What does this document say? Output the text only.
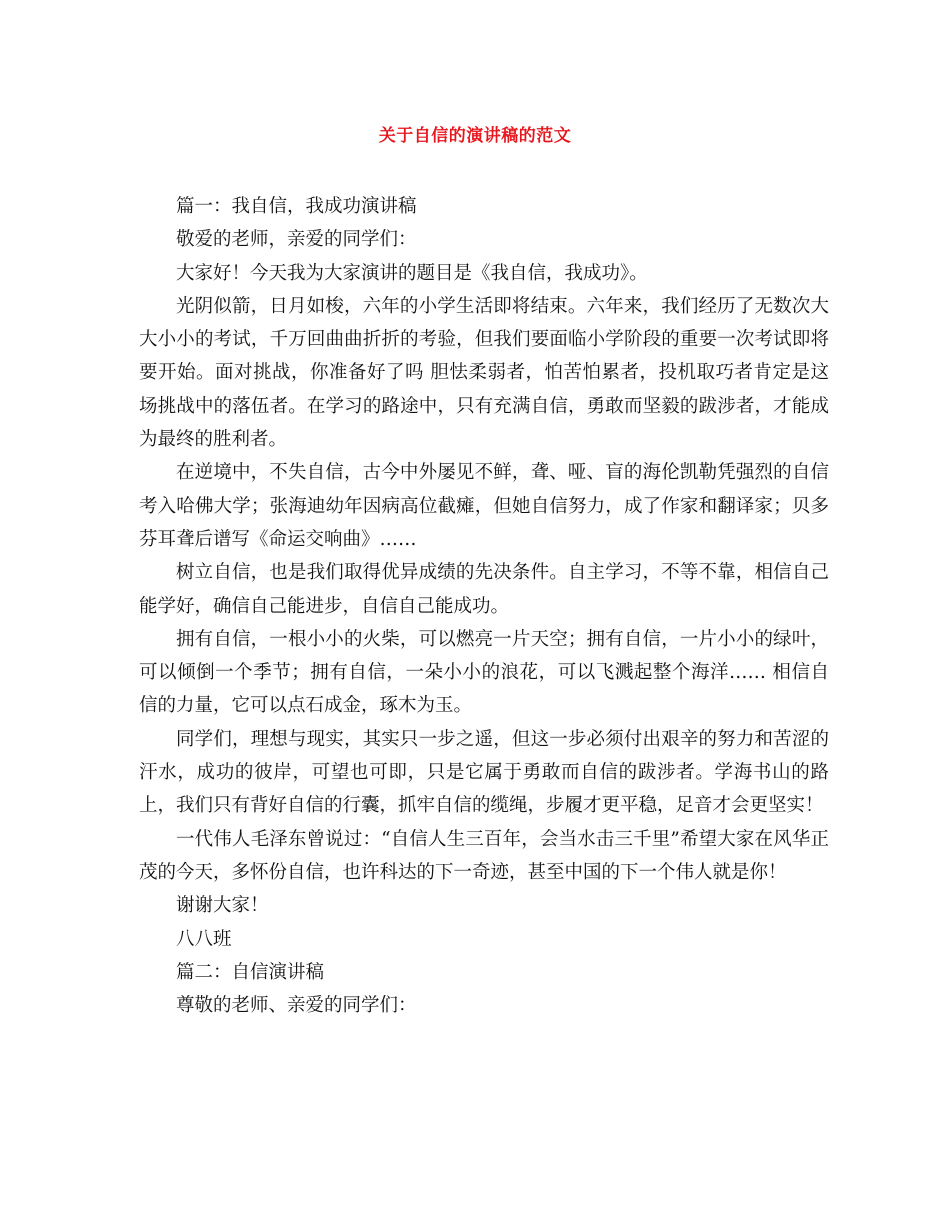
关于自信的演讲稿的范文

篇一：我自信，我成功演讲稿

敬爱的老师，亲爱的同学们：

大家好！今天我为大家演讲的题目是《我自信，我成功》。

光阴似箭，日月如梭，六年的小学生活即将结束。六年来，我们经历了无数次大大小小的考试，千万回曲曲折折的考验，但我们要面临小学阶段的重要一次考试即将要开始。面对挑战，你准备好了吗 胆怯柔弱者，怕苦怕累者，投机取巧者肯定是这场挑战中的落伍者。在学习的路途中，只有充满自信，勇敢而坚毅的跋涉者，才能成为最终的胜利者。

在逆境中，不失自信，古今中外屡见不鲜，聋、哑、盲的海伦凯勒凭强烈的自信考入哈佛大学；张海迪幼年因病高位截瘫，但她自信努力，成了作家和翻译家；贝多芬耳聋后谱写《命运交响曲》……

树立自信，也是我们取得优异成绩的先决条件。自主学习，不等不靠，相信自己能学好，确信自己能进步，自信自己能成功。

拥有自信，一根小小的火柴，可以燃亮一片天空；拥有自信，一片小小的绿叶，可以倾倒一个季节；拥有自信，一朵小小的浪花，可以飞溅起整个海洋…… 相信自信的力量，它可以点石成金，琢木为玉。

同学们，理想与现实，其实只一步之遥，但这一步必须付出艰辛的努力和苦涩的汗水，成功的彼岸，可望也可即，只是它属于勇敢而自信的跋涉者。学海书山的路上，我们只有背好自信的行囊，抓牢自信的缆绳，步履才更平稳，足音才会更坚实！

一代伟人毛泽东曾说过：“自信人生三百年，会当水击三千里”希望大家在风华正茂的今天，多怀份自信，也许科达的下一奇迹，甚至中国的下一个伟人就是你！

谢谢大家！

八八班

篇二：自信演讲稿

尊敬的老师、亲爱的同学们：
